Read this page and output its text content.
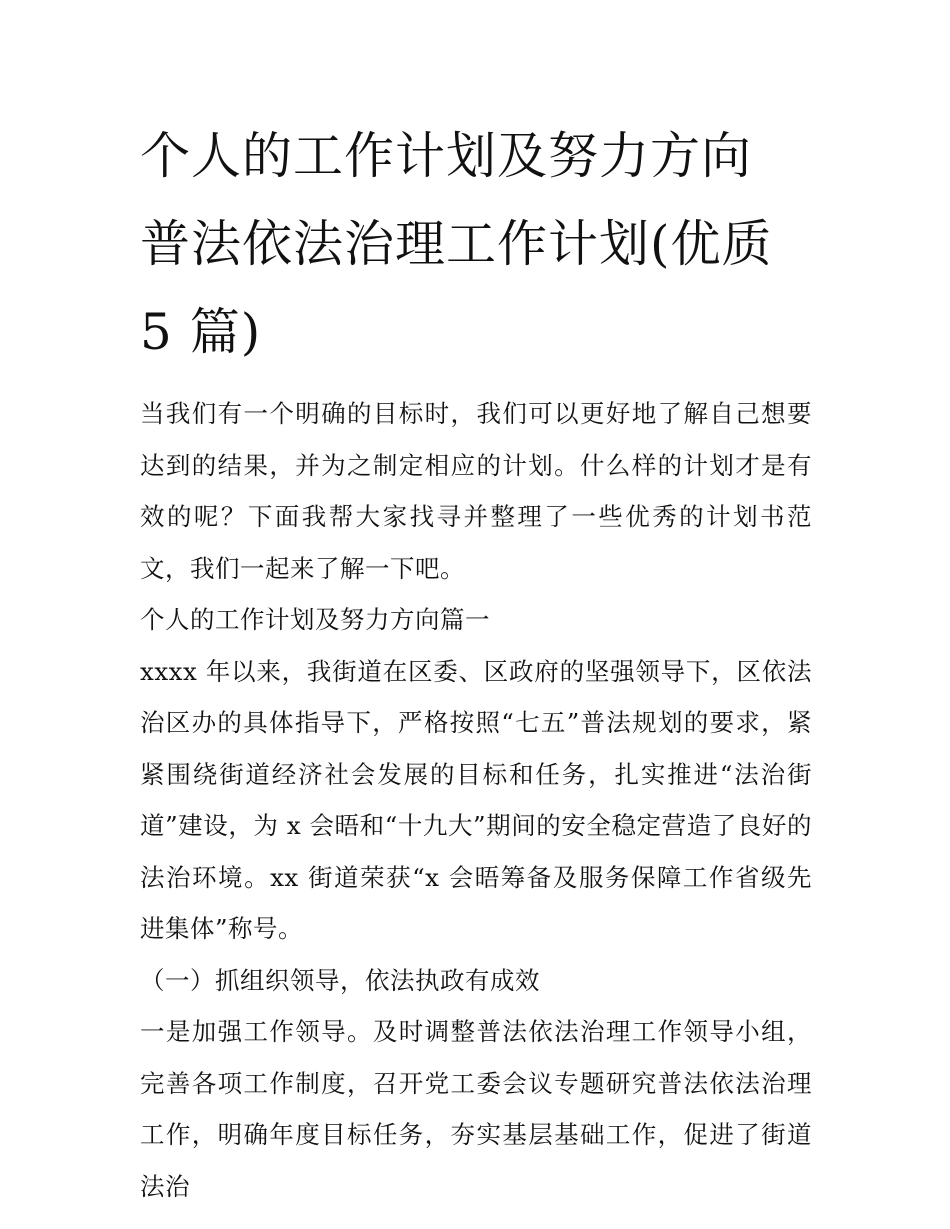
个人的工作计划及努力方向 普法依法治理工作计划(优质 5 篇)

当我们有一个明确的目标时，我们可以更好地了解自己想要达到的结果，并为之制定相应的计划。什么样的计划才是有效的呢？下面我帮大家找寻并整理了一些优秀的计划书范文，我们一起来了解一下吧。

个人的工作计划及努力方向篇一

xxxx 年以来，我街道在区委、区政府的坚强领导下，区依法治区办的具体指导下，严格按照“七五”普法规划的要求，紧紧围绕街道经济社会发展的目标和任务，扎实推进“法治街道”建设，为 x 会晤和“十九大”期间的安全稳定营造了良好的法治环境。xx 街道荣获“x 会晤筹备及服务保障工作省级先进集体”称号。

（一）抓组织领导，依法执政有成效

一是加强工作领导。及时调整普法依法治理工作领导小组，完善各项工作制度，召开党工委会议专题研究普法依法治理工作，明确年度目标任务，夯实基层基础工作，促进了街道法治
